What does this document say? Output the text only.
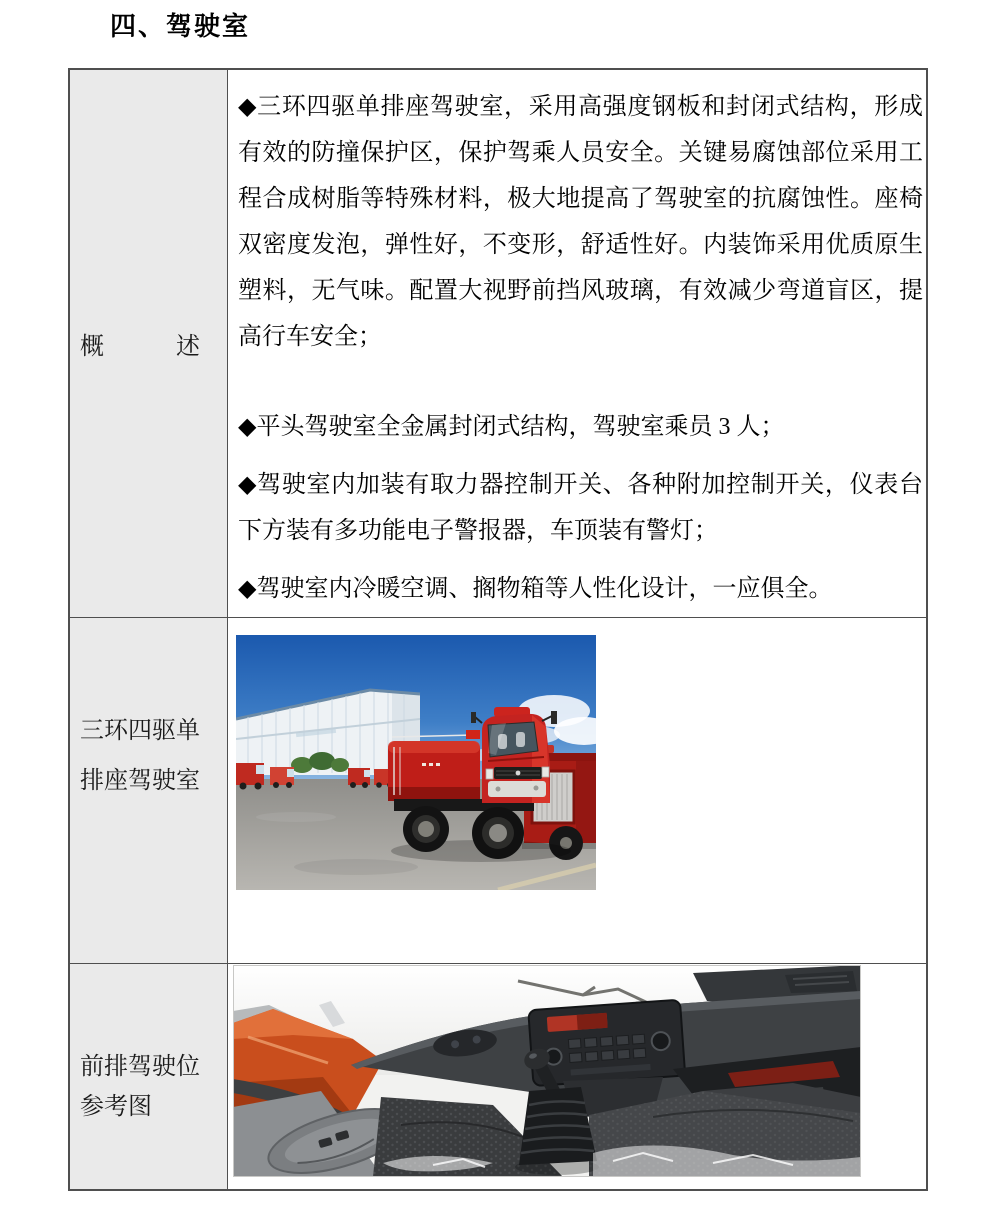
四、驾驶室
概　　　述

◆三环四驱单排座驾驶室，采用高强度钢板和封闭式结构，形成有效的防撞保护区，保护驾乘人员安全。关键易腐蚀部位采用工程合成树脂等特殊材料，极大地提高了驾驶室的抗腐蚀性。座椅双密度发泡，弹性好，不变形，舒适性好。内装饰采用优质原生塑料，无气味。配置大视野前挡风玻璃，有效减少弯道盲区，提高行车安全；

◆平头驾驶室全金属封闭式结构，驾驶室乘员 3 人；

◆驾驶室内加装有取力器控制开关、各种附加控制开关，仪表台下方装有多功能电子警报器，车顶装有警灯；

◆驾驶室内冷暖空调、搁物箱等人性化设计，一应俱全。

三环四驱单排座驾驶室
前排驾驶位参考图
